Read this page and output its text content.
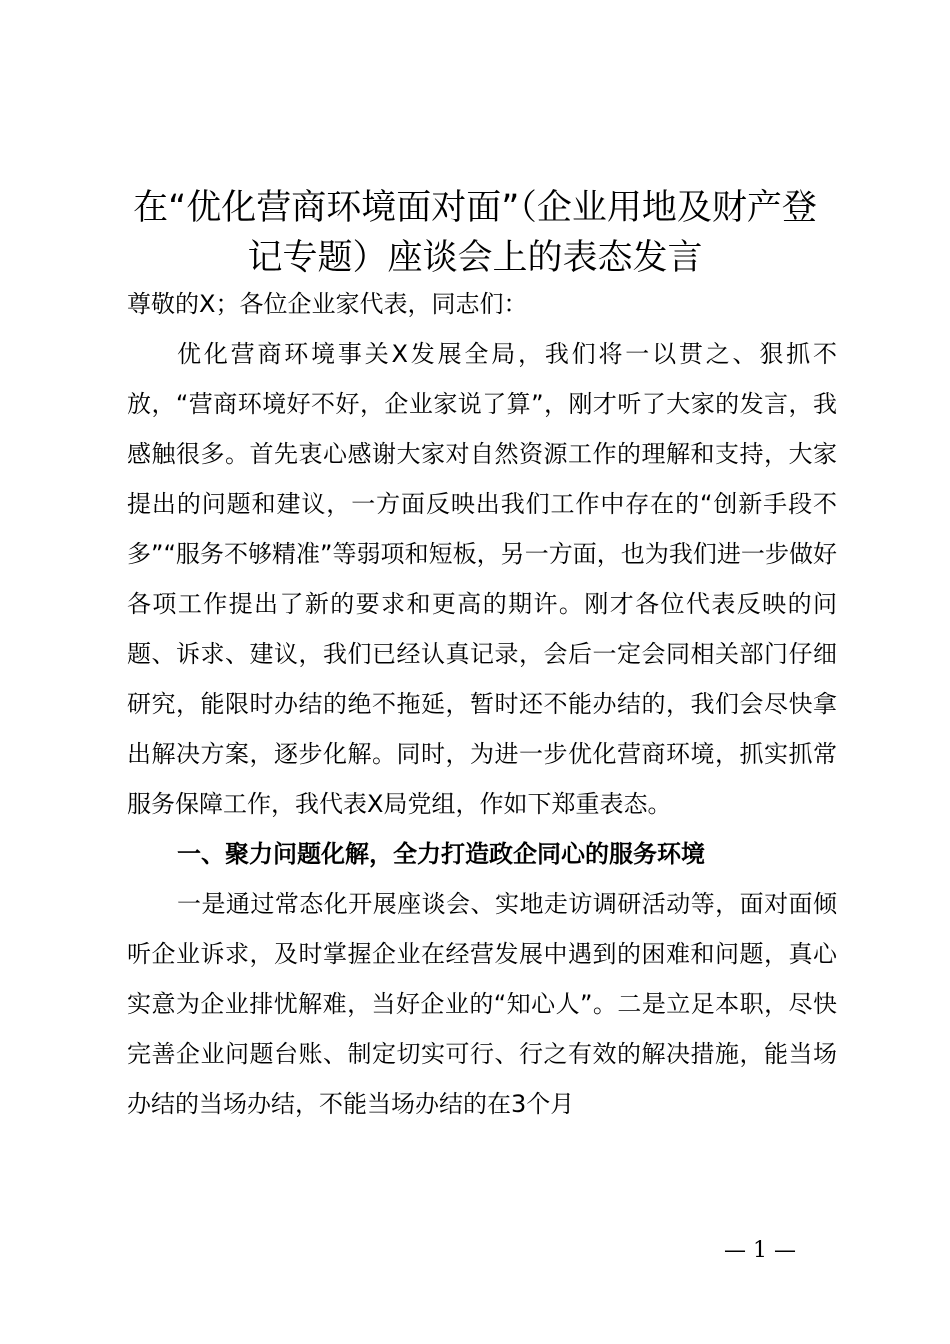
在“优化营商环境面对面”（企业用地及财产登
记专题）座谈会上的表态发言
尊敬的X；各位企业家代表，同志们：

优化营商环境事关X发展全局，我们将一以贯之、狠抓不放，“营商环境好不好，企业家说了算”，刚才听了大家的发言，我感触很多。首先衷心感谢大家对自然资源工作的理解和支持，大家提出的问题和建议，一方面反映出我们工作中存在的“创新手段不多”“服务不够精准”等弱项和短板，另一方面，也为我们进一步做好各项工作提出了新的要求和更高的期许。刚才各位代表反映的问题、诉求、建议，我们已经认真记录，会后一定会同相关部门仔细研究，能限时办结的绝不拖延，暂时还不能办结的，我们会尽快拿出解决方案，逐步化解。同时，为进一步优化营商环境，抓实抓常服务保障工作，我代表X局党组，作如下郑重表态。

一、聚力问题化解，全力打造政企同心的服务环境

一是通过常态化开展座谈会、实地走访调研活动等，面对面倾听企业诉求，及时掌握企业在经营发展中遇到的困难和问题，真心实意为企业排忧解难，当好企业的“知心人”。二是立足本职，尽快完善企业问题台账、制定切实可行、行之有效的解决措施，能当场办结的当场办结，不能当场办结的在3个月

— 1 —
